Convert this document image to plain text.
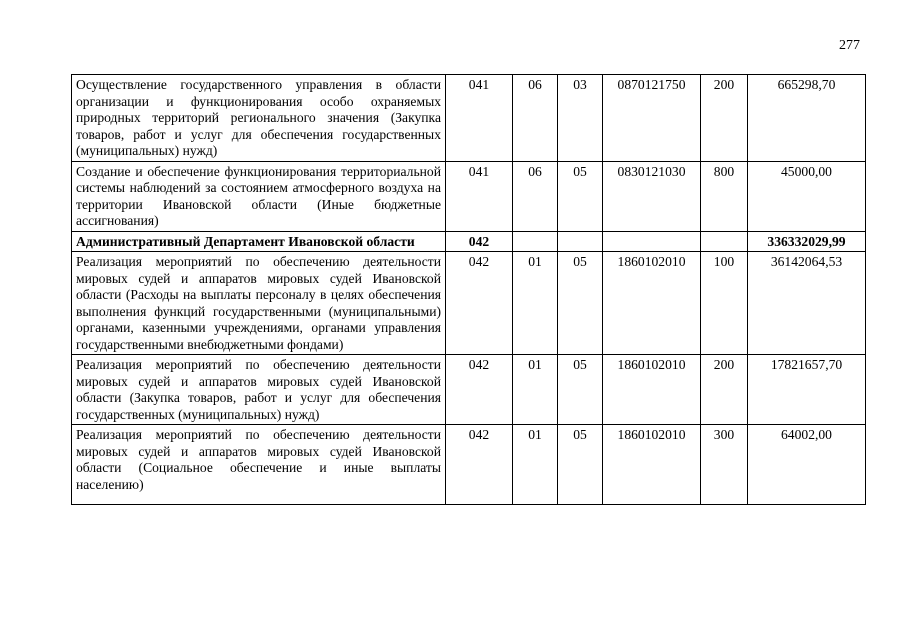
277
Осуществление государственного управления в области организации и функционирования особо охраняемых природных территорий регионального значения (Закупка товаров, работ и услуг для обеспечения государственных (муниципальных) нужд)	041	06	03	0870121750	200	665298,70
Создание и обеспечение функционирования территориальной системы наблюдений за состоянием атмосферного воздуха на территории Ивановской области (Иные бюджетные ассигнования)	041	06	05	0830121030	800	45000,00
Административный Департамент Ивановской области	042					336332029,99
Реализация мероприятий по обеспечению деятельности мировых судей и аппаратов мировых судей Ивановской области (Расходы на выплаты персоналу в целях обеспечения выполнения функций государственными (муниципальными) органами, казенными учреждениями, органами управления государственными внебюджетными фондами)	042	01	05	1860102010	100	36142064,53
Реализация мероприятий по обеспечению деятельности мировых судей и аппаратов мировых судей Ивановской области (Закупка товаров, работ и услуг для обеспечения государственных (муниципальных) нужд)	042	01	05	1860102010	200	17821657,70
Реализация мероприятий по обеспечению деятельности мировых судей и аппаратов мировых судей Ивановской области (Социальное обеспечение и иные выплаты населению)	042	01	05	1860102010	300	64002,00
